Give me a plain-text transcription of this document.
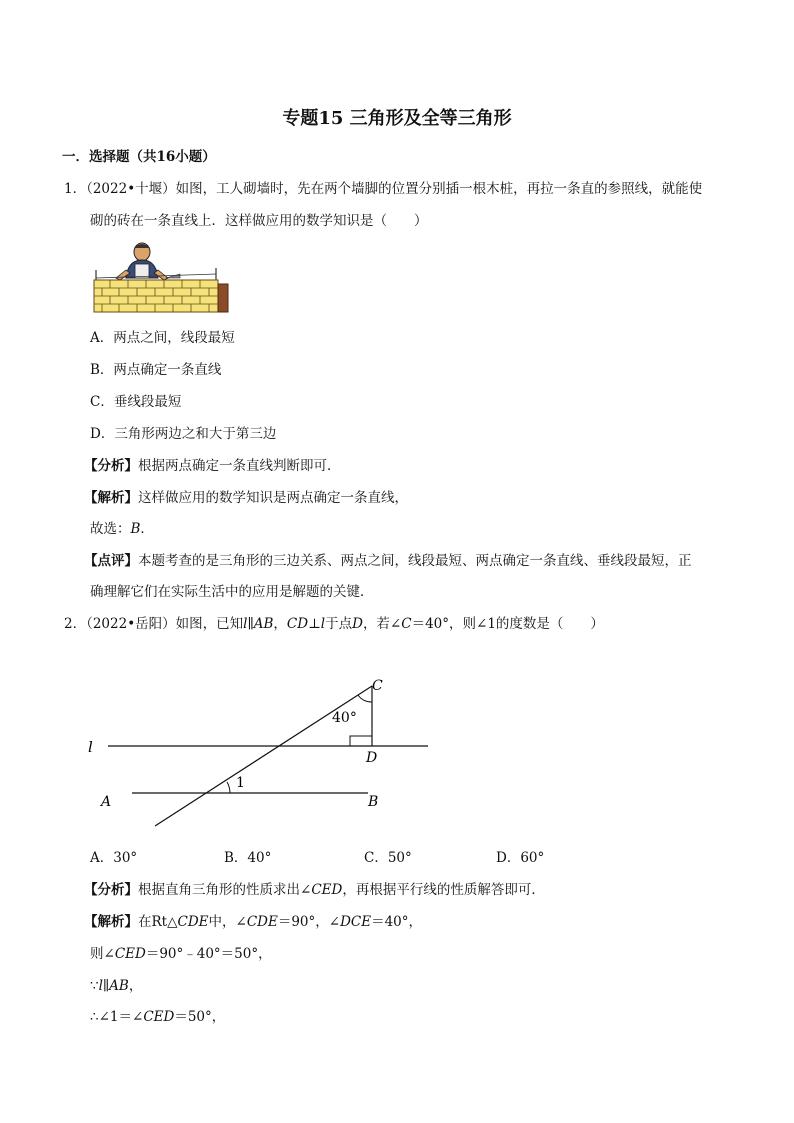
专题15 三角形及全等三角形
一．选择题（共16小题）
1．（2022•十堰）如图，工人砌墙时，先在两个墙脚的位置分别插一根木桩，再拉一条直的参照线，就能使
砌的砖在一条直线上．这样做应用的数学知识是（　　）
A．两点之间，线段最短
B．两点确定一条直线
C．垂线段最短
D．三角形两边之和大于第三边
【分析】根据两点确定一条直线判断即可．
【解析】这样做应用的数学知识是两点确定一条直线，
故选：B．
【点评】本题考查的是三角形的三边关系、两点之间，线段最短、两点确定一条直线、垂线段最短，正
确理解它们在实际生活中的应用是解题的关键．
2．（2022•岳阳）如图，已知l∥AB，CD⊥l于点D，若∠C＝40°，则∠1的度数是（　　）
C
D
l
A	B
1
40°
A．30°	B．40°	C．50°	D．60°
【分析】根据直角三角形的性质求出∠CED，再根据平行线的性质解答即可．
【解析】在Rt△CDE中，∠CDE＝90°，∠DCE＝40°，
则∠CED＝90°﹣40°＝50°，
∵l∥AB，
∴∠1＝∠CED＝50°，
